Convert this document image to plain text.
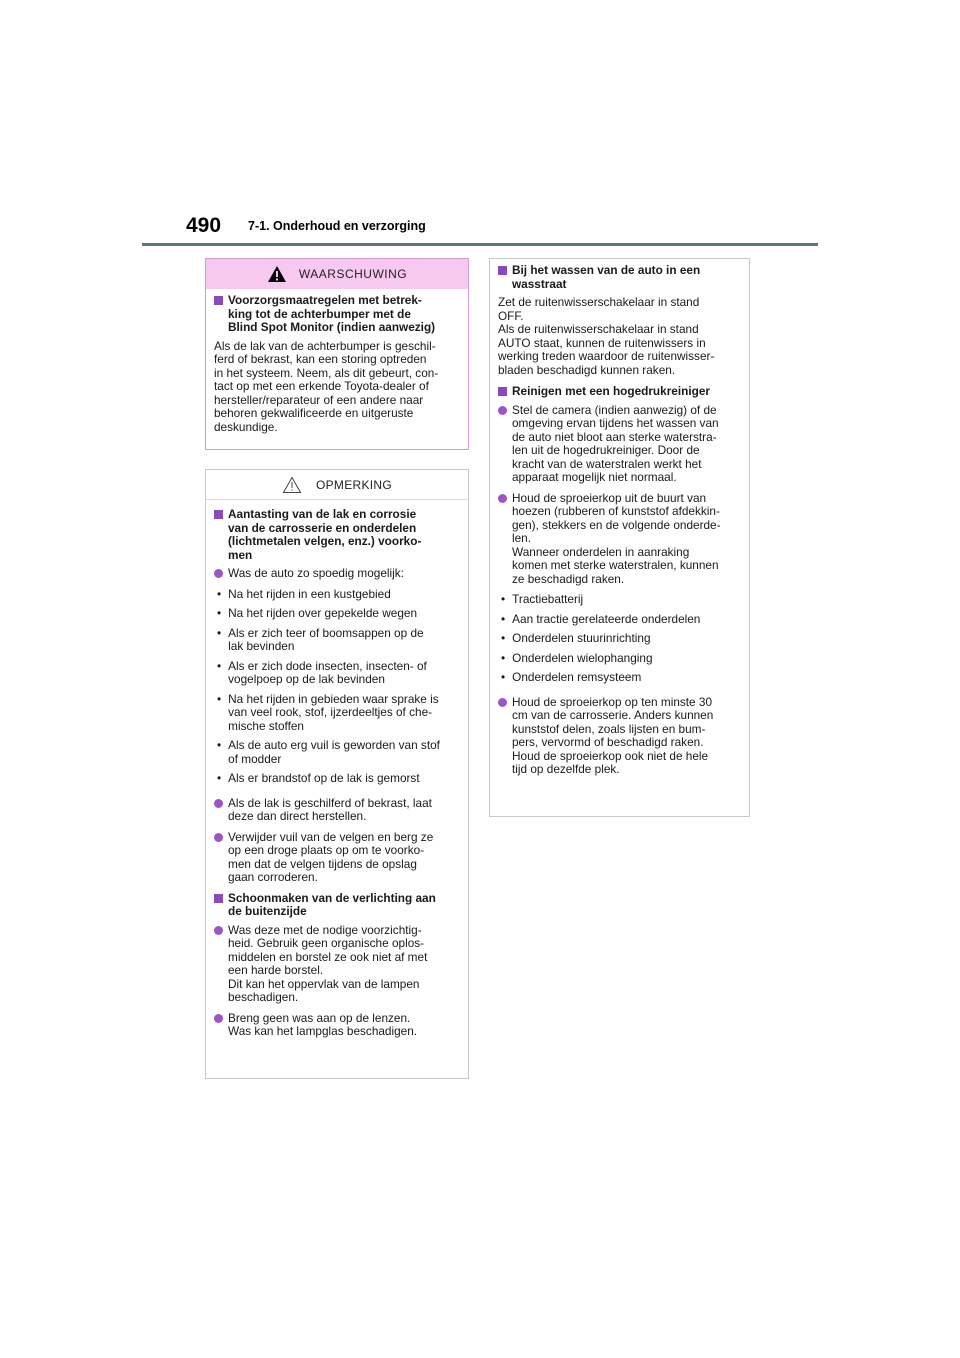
490 7-1. Onderhoud en verzorging
WAARSCHUWING
Voorzorgsmaatregelen met betrek-
king tot de achterbumper met de
Blind Spot Monitor (indien aanwezig)
Als de lak van de achterbumper is geschil-
ferd of bekrast, kan een storing optreden
in het systeem. Neem, als dit gebeurt, con-
tact op met een erkende Toyota-dealer of
hersteller/reparateur of een andere naar
behoren gekwalificeerde en uitgeruste
deskundige.
OPMERKING
Aantasting van de lak en corrosie
van de carrosserie en onderdelen
(lichtmetalen velgen, enz.) voorko-
men
Was de auto zo spoedig mogelijk:
• Na het rijden in een kustgebied
• Na het rijden over gepekelde wegen
• Als er zich teer of boomsappen op de
lak bevinden
• Als er zich dode insecten, insecten- of
vogelpoep op de lak bevinden
• Na het rijden in gebieden waar sprake is
van veel rook, stof, ijzerdeeltjes of che-
mische stoffen
• Als de auto erg vuil is geworden van stof
of modder
• Als er brandstof op de lak is gemorst
Als de lak is geschilferd of bekrast, laat
deze dan direct herstellen.
Verwijder vuil van de velgen en berg ze
op een droge plaats op om te voorko-
men dat de velgen tijdens de opslag
gaan corroderen.
Schoonmaken van de verlichting aan
de buitenzijde
Was deze met de nodige voorzichtig-
heid. Gebruik geen organische oplos-
middelen en borstel ze ook niet af met
een harde borstel.
Dit kan het oppervlak van de lampen
beschadigen.
Breng geen was aan op de lenzen.
Was kan het lampglas beschadigen.
Bij het wassen van de auto in een
wasstraat
Zet de ruitenwisserschakelaar in stand
OFF.
Als de ruitenwisserschakelaar in stand
AUTO staat, kunnen de ruitenwissers in
werking treden waardoor de ruitenwisser-
bladen beschadigd kunnen raken.
Reinigen met een hogedrukreiniger
Stel de camera (indien aanwezig) of de
omgeving ervan tijdens het wassen van
de auto niet bloot aan sterke waterstra-
len uit de hogedrukreiniger. Door de
kracht van de waterstralen werkt het
apparaat mogelijk niet normaal.
Houd de sproeierkop uit de buurt van
hoezen (rubberen of kunststof afdekkin-
gen), stekkers en de volgende onderde-
len.
Wanneer onderdelen in aanraking
komen met sterke waterstralen, kunnen
ze beschadigd raken.
• Tractiebatterij
• Aan tractie gerelateerde onderdelen
• Onderdelen stuurinrichting
• Onderdelen wielophanging
• Onderdelen remsysteem
Houd de sproeierkop op ten minste 30
cm van de carrosserie. Anders kunnen
kunststof delen, zoals lijsten en bum-
pers, vervormd of beschadigd raken.
Houd de sproeierkop ook niet de hele
tijd op dezelfde plek.
